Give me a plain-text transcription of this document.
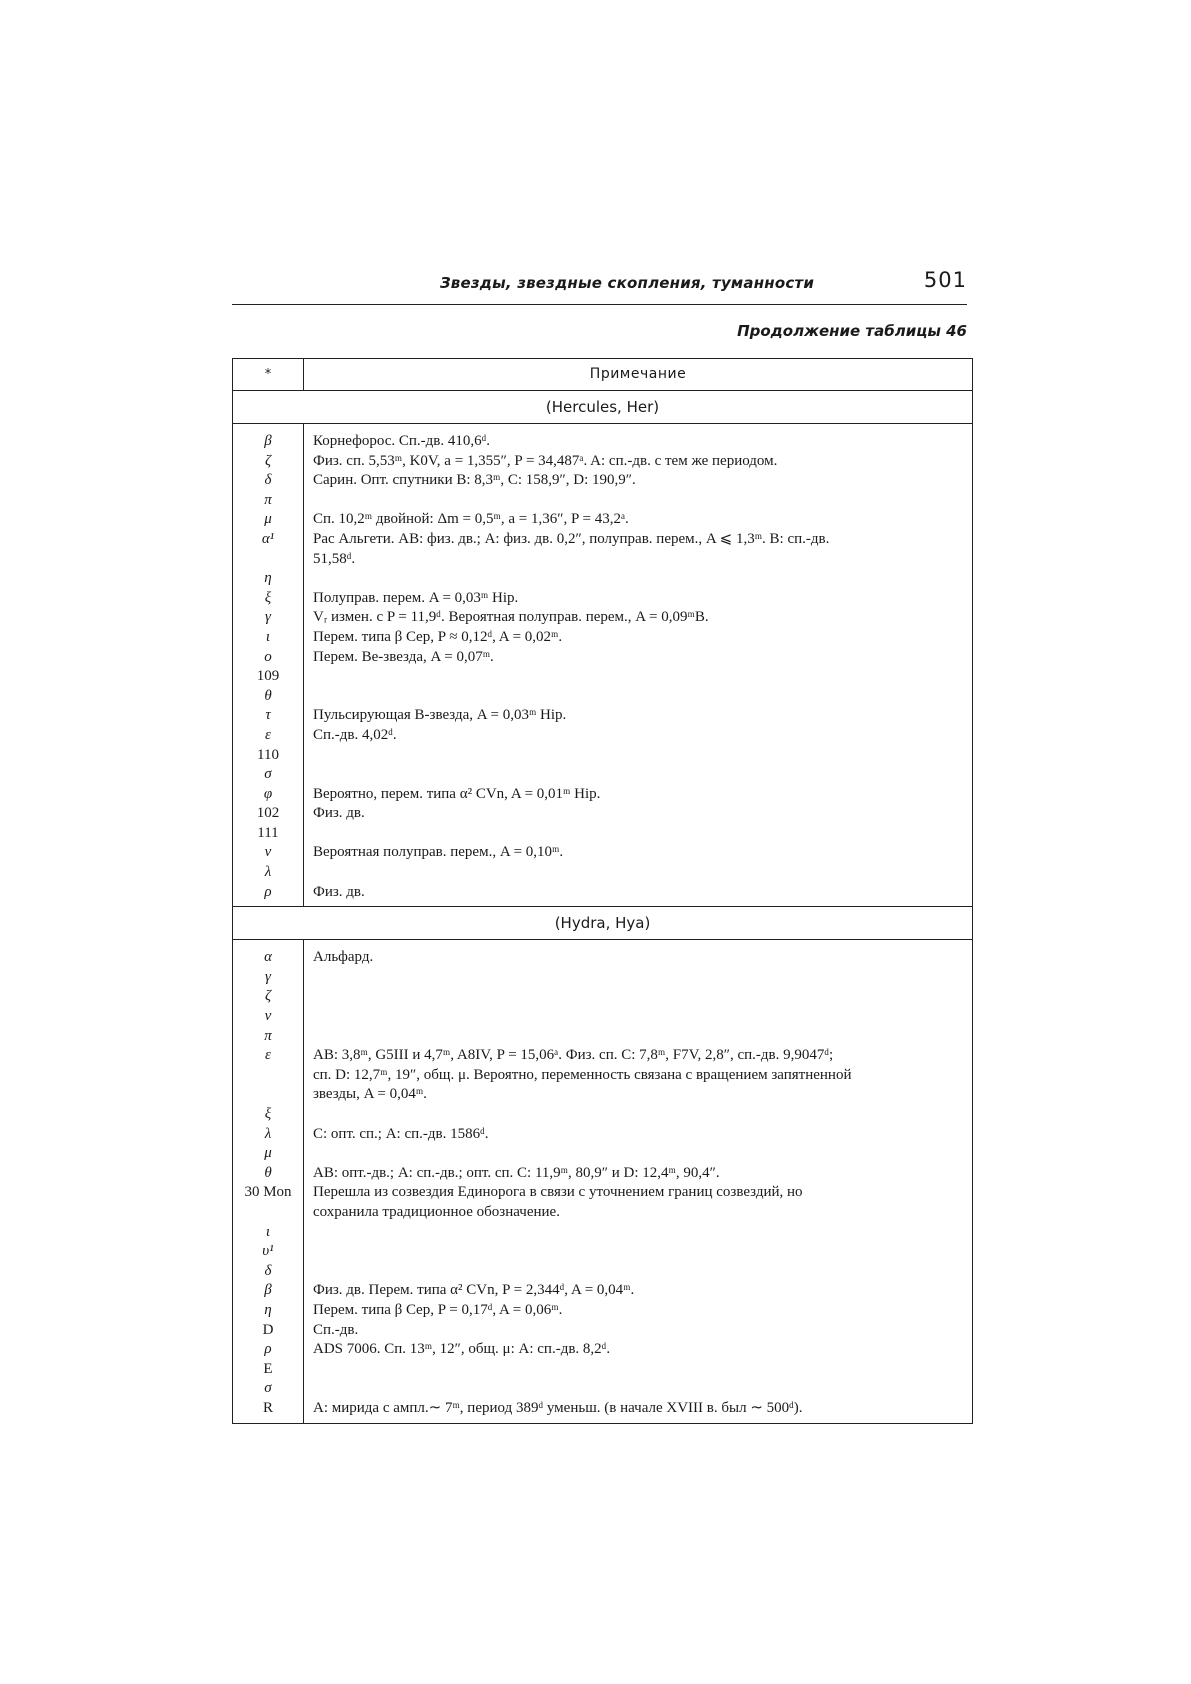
Звезды, звездные скопления, туманности	501
Продолжение таблицы 46
*	Примечание
(Hercules, Her)
β
ζ
δ
π
μ
α¹

η
ξ
γ
ι
o
109
θ
τ
ε
110
σ
φ
102
111
ν
λ
ρ
Корнефорос. Сп.-дв. 410,6ᵈ.
Физ. сп. 5,53ᵐ, K0V, a = 1,355″, P = 34,487ᵃ. A: сп.-дв. с тем же периодом.
Сарин. Опт. спутники B: 8,3ᵐ, C: 158,9″, D: 190,9″.

Сп. 10,2ᵐ двойной: Δm = 0,5ᵐ, a = 1,36″, P = 43,2ᵃ.
Рас Альгети. AB: физ. дв.; A: физ. дв. 0,2″, полуправ. перем., A ⩽ 1,3ᵐ. B: сп.-дв.
51,58ᵈ.

Полуправ. перем. A = 0,03ᵐ Hip.
Vᵣ измен. с P = 11,9ᵈ. Вероятная полуправ. перем., A = 0,09ᵐB.
Перем. типа β Cep, P ≈ 0,12ᵈ, A = 0,02ᵐ.
Перем. Be-звезда, A = 0,07ᵐ.

Пульсирующая B-звезда, A = 0,03ᵐ Hip.
Сп.-дв. 4,02ᵈ.

Вероятно, перем. типа α² CVn, A = 0,01ᵐ Hip.
Физ. дв.

Вероятная полуправ. перем., A = 0,10ᵐ.

Физ. дв.
(Hydra, Hya)
α
γ
ζ
ν
π
ε

ξ
λ
μ
θ
30 Mon

ι
υ¹
δ
β
η
D
ρ
E
σ
R
Альфард.

AB: 3,8ᵐ, G5III и 4,7ᵐ, A8IV, P = 15,06ᵃ. Физ. сп. C: 7,8ᵐ, F7V, 2,8″, сп.-дв. 9,9047ᵈ;
сп. D: 12,7ᵐ, 19″, общ. μ. Вероятно, переменность связана с вращением запятненной
звезды, A = 0,04ᵐ.

C: опт. сп.; A: сп.-дв. 1586ᵈ.

AB: опт.-дв.; A: сп.-дв.; опт. сп. C: 11,9ᵐ, 80,9″ и D: 12,4ᵐ, 90,4″.
Перешла из созвездия Единорога в связи с уточнением границ созвездий, но
сохранила традиционное обозначение.

Физ. дв. Перем. типа α² CVn, P = 2,344ᵈ, A = 0,04ᵐ.
Перем. типа β Cep, P = 0,17ᵈ, A = 0,06ᵐ.
Сп.-дв.
ADS 7006. Сп. 13ᵐ, 12″, общ. μ: A: сп.-дв. 8,2ᵈ.

A: мирида с ампл.∼ 7ᵐ, период 389ᵈ уменьш. (в начале XVIII в. был ∼ 500ᵈ).
